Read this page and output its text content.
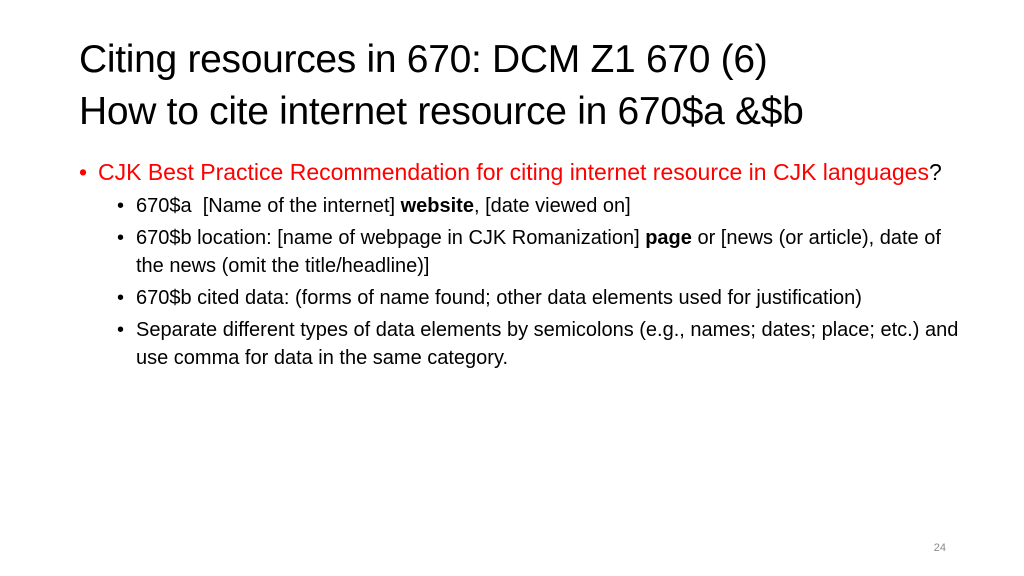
Citing resources in 670: DCM Z1 670 (6)
How to cite internet resource in 670$a &$b

• CJK Best Practice Recommendation for citing internet resource in CJK languages?

• 670$a  [Name of the internet] website, [date viewed on]
• 670$b location: [name of webpage in CJK Romanization] page or [news (or article), date of the news (omit the title/headline)]
• 670$b cited data: (forms of name found; other data elements used for justification)
• Separate different types of data elements by semicolons (e.g., names; dates; place; etc.) and use comma for data in the same category.
24
